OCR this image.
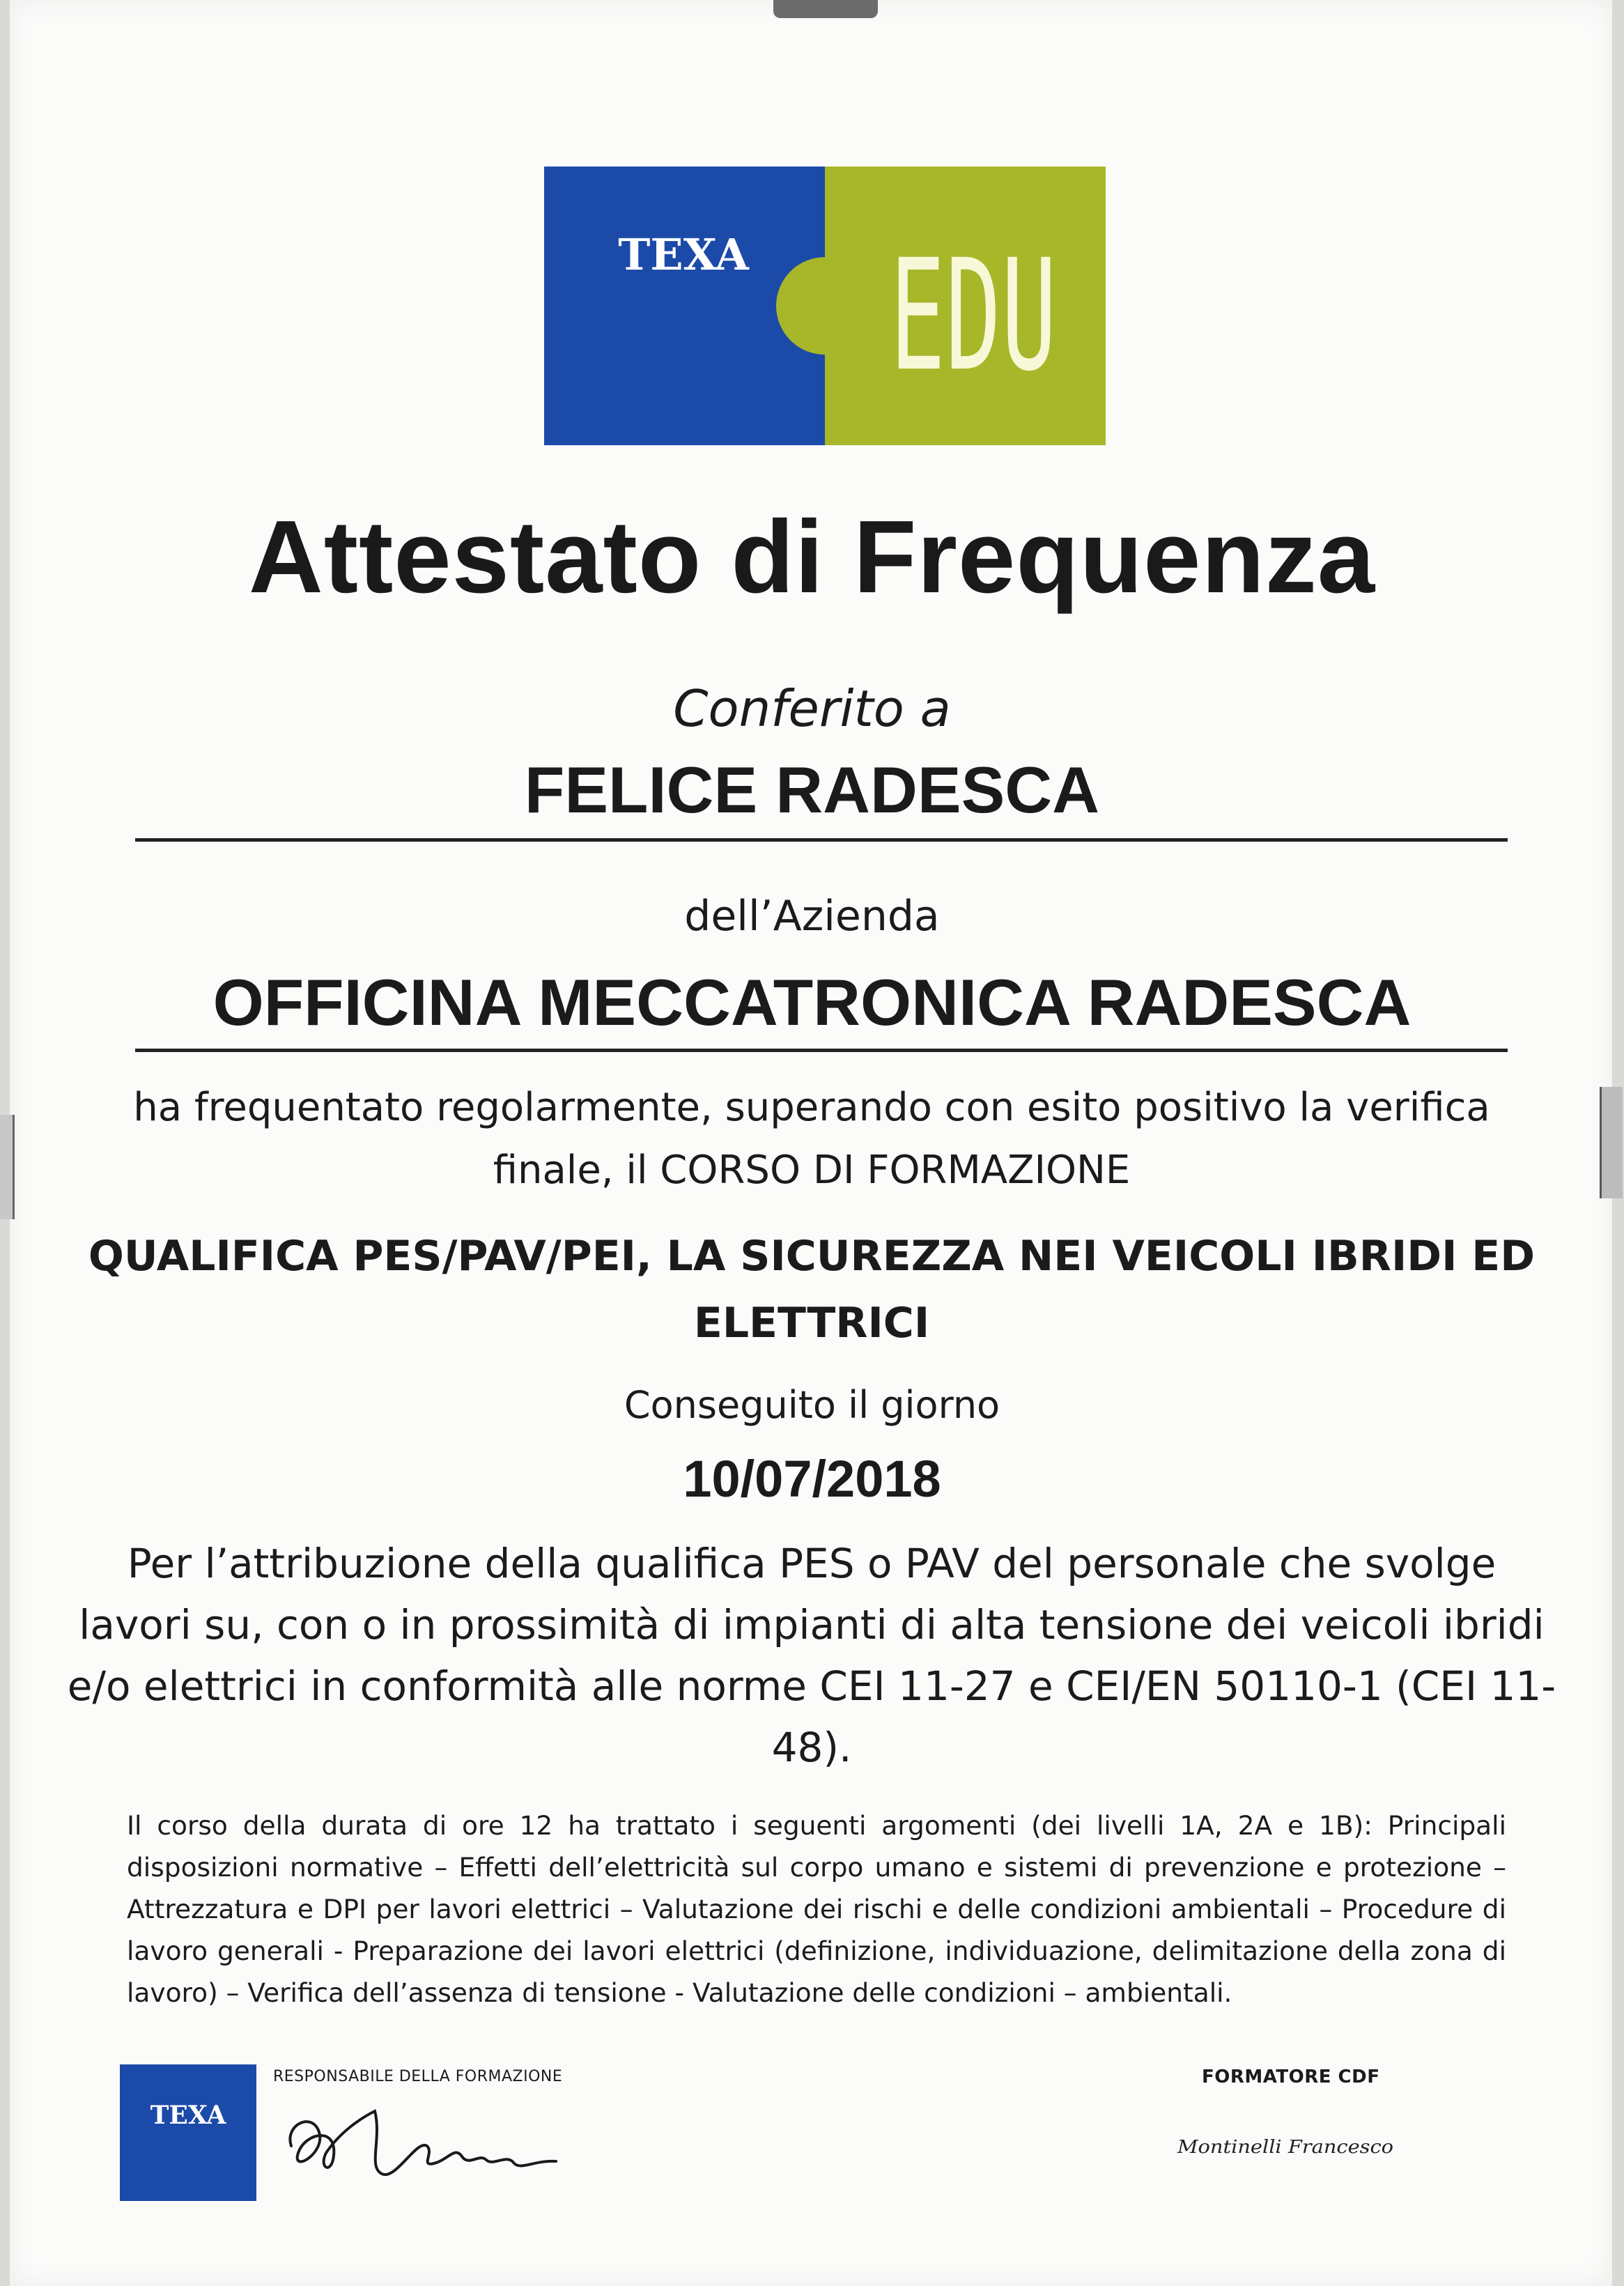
TEXA EDU
Attestato di Frequenza
Conferito a
FELICE RADESCA
dell’Azienda
OFFICINA MECCATRONICA RADESCA
ha frequentato regolarmente, superando con esito positivo la verifica finale, il CORSO DI FORMAZIONE
QUALIFICA PES/PAV/PEI, LA SICUREZZA NEI VEICOLI IBRIDI ED ELETTRICI
Conseguito il giorno
10/07/2018
Per l’attribuzione della qualifica PES o PAV del personale che svolge lavori su, con o in prossimità di impianti di alta tensione dei veicoli ibridi e/o elettrici in conformità alle norme CEI 11-27 e CEI/EN 50110-1 (CEI 11-48).
Il corso della durata di ore 12 ha trattato i seguenti argomenti (dei livelli 1A, 2A e 1B): Principali disposizioni normative – Effetti dell’elettricità sul corpo umano e sistemi di prevenzione e protezione – Attrezzatura e DPI per lavori elettrici – Valutazione dei rischi e delle condizioni ambientali – Procedure di lavoro generali - Preparazione dei lavori elettrici (definizione, individuazione, delimitazione della zona di lavoro) – Verifica dell’assenza di tensione - Valutazione delle condizioni – ambientali.
TEXA
RESPONSABILE DELLA FORMAZIONE	FORMATORE CDF
Montinelli Francesco
